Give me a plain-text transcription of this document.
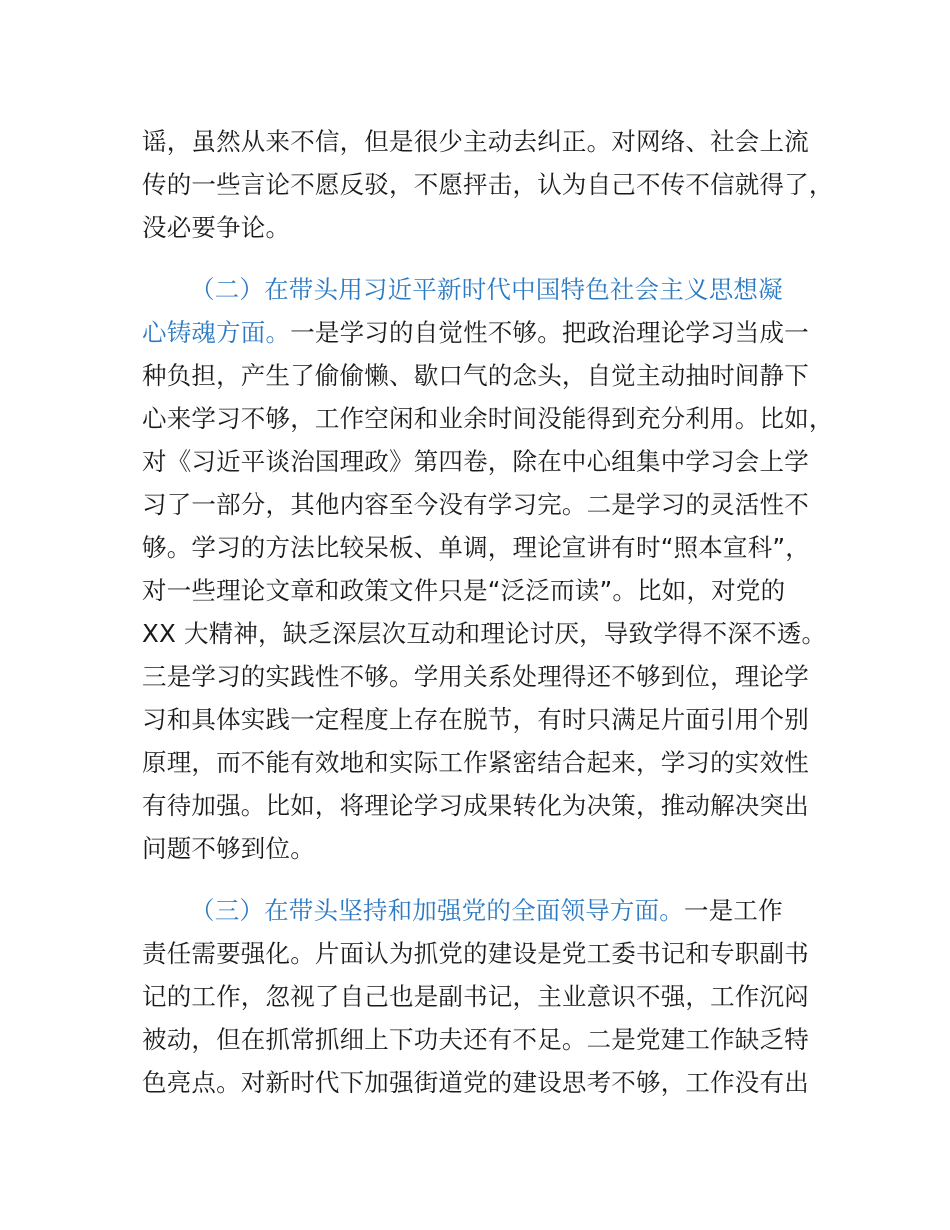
谣，虽然从来不信，但是很少主动去纠正。对网络、社会上流
传的一些言论不愿反驳，不愿抨击，认为自己不传不信就得了，
没必要争论。
（二）在带头用习近平新时代中国特色社会主义思想凝
心铸魂方面。一是学习的自觉性不够。把政治理论学习当成一
种负担，产生了偷偷懒、歇口气的念头，自觉主动抽时间静下
心来学习不够，工作空闲和业余时间没能得到充分利用。比如，
对《习近平谈治国理政》第四卷，除在中心组集中学习会上学
习了一部分，其他内容至今没有学习完。二是学习的灵活性不
够。学习的方法比较呆板、单调，理论宣讲有时“照本宣科”，
对一些理论文章和政策文件只是“泛泛而读”。比如，对党的
XX 大精神，缺乏深层次互动和理论讨厌，导致学得不深不透。
三是学习的实践性不够。学用关系处理得还不够到位，理论学
习和具体实践一定程度上存在脱节，有时只满足片面引用个别
原理，而不能有效地和实际工作紧密结合起来，学习的实效性
有待加强。比如，将理论学习成果转化为决策，推动解决突出
问题不够到位。
（三）在带头坚持和加强党的全面领导方面。一是工作
责任需要强化。片面认为抓党的建设是党工委书记和专职副书
记的工作，忽视了自己也是副书记，主业意识不强，工作沉闷
被动，但在抓常抓细上下功夫还有不足。二是党建工作缺乏特
色亮点。对新时代下加强街道党的建设思考不够，工作没有出
